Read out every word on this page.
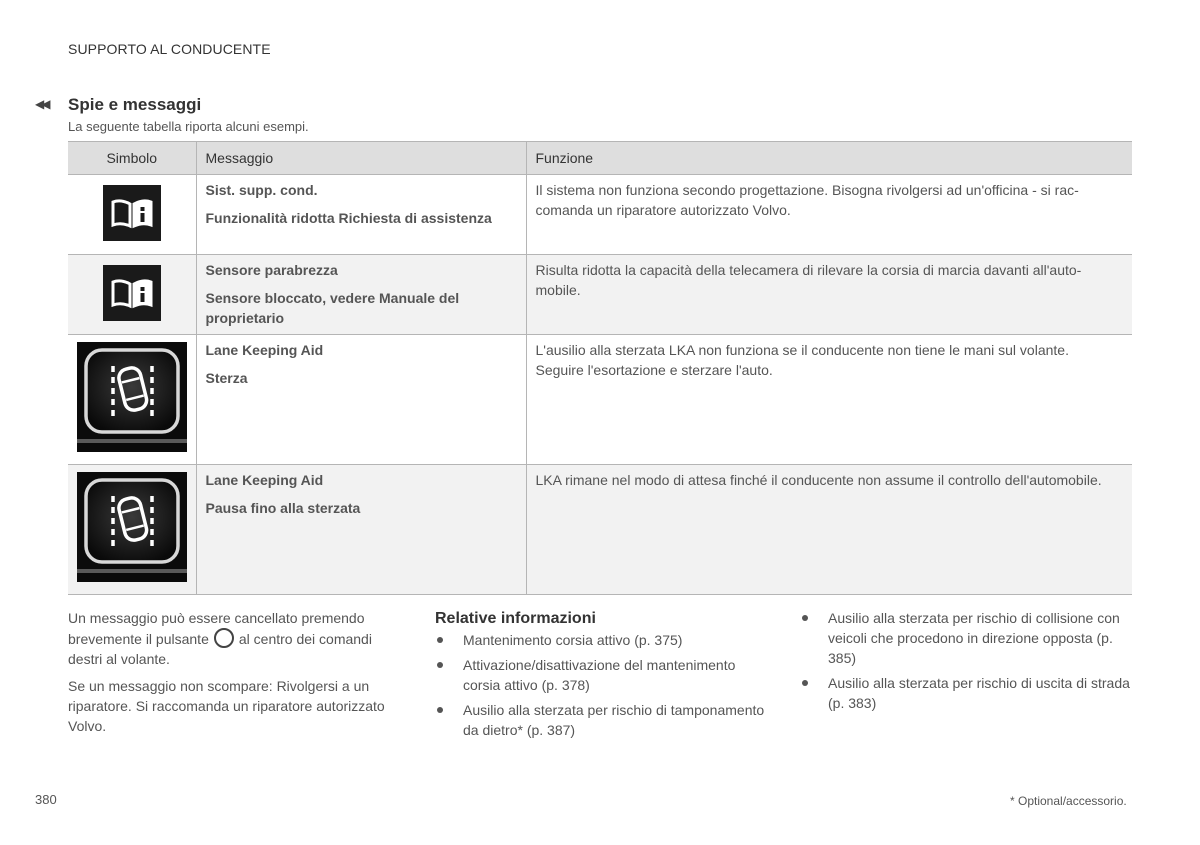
SUPPORTO AL CONDUCENTE
◀◀ Spie e messaggi
La seguente tabella riporta alcuni esempi.
Simbolo	Messaggio	Funzione

Sist. supp. cond.
Funzionalità ridotta Richiesta di assistenza	Il sistema non funziona secondo progettazione. Bisogna rivolgersi ad un'officina - si raccomanda un riparatore autorizzato Volvo.

Sensore parabrezza
Sensore bloccato, vedere Manuale del proprietario	Risulta ridotta la capacità della telecamera di rilevare la corsia di marcia davanti all'automobile.

Lane Keeping Aid
Sterza	L'ausilio alla sterzata LKA non funziona se il conducente non tiene le mani sul volante. Seguire l'esortazione e sterzare l'auto.

Lane Keeping Aid
Pausa fino alla sterzata	LKA rimane nel modo di attesa finché il conducente non assume il controllo dell'automobile.

Un messaggio può essere cancellato premendo brevemente il pulsante al centro dei comandi destri al volante.

Se un messaggio non scompare: Rivolgersi a un riparatore. Si raccomanda un riparatore autorizzato Volvo.

Relative informazioni
Mantenimento corsia attivo (p. 375)
Attivazione/disattivazione del mantenimento corsia attivo (p. 378)
Ausilio alla sterzata per rischio di tamponamento da dietro* (p. 387)
Ausilio alla sterzata per rischio di collisione con veicoli che procedono in direzione opposta (p. 385)
Ausilio alla sterzata per rischio di uscita di strada (p. 383)
380	* Optional/accessorio.
